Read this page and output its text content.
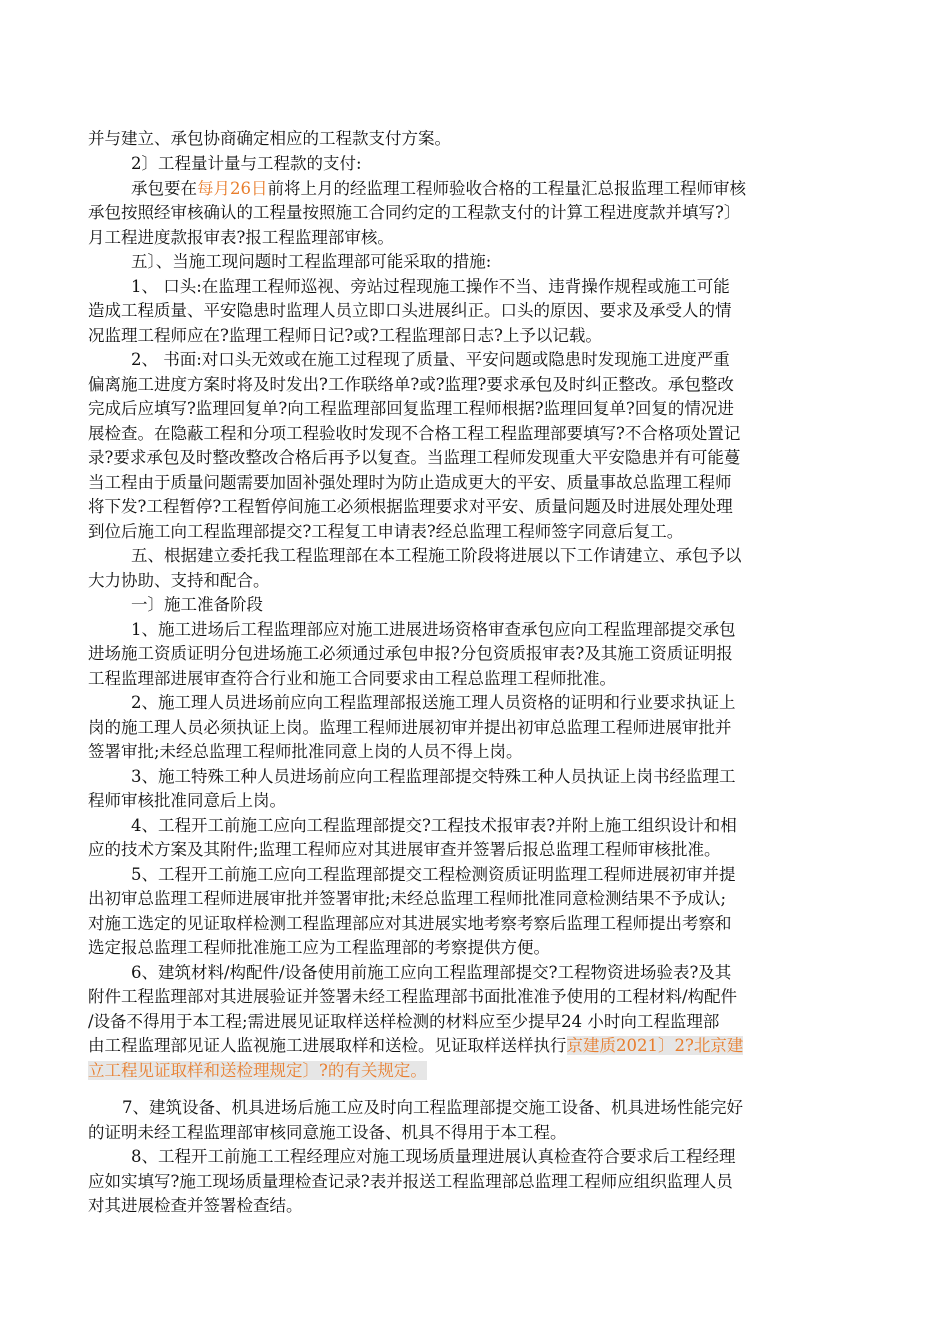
并与建立、承包协商确定相应的工程款支付方案。
2〕工程量计量与工程款的支付:
承包要在每月26日前将上月的经监理工程师验收合格的工程量汇总报监理工程师审核
承包按照经审核确认的工程量按照施工合同约定的工程款支付的计算工程进度款并填写?〕
月工程进度款报审表?报工程监理部审核。
五〕、当施工现问题时工程监理部可能采取的措施:
1、 口头:在监理工程师巡视、旁站过程现施工操作不当、违背操作规程或施工可能
造成工程质量、平安隐患时监理人员立即口头进展纠正。口头的原因、要求及承受人的情
况监理工程师应在?监理工程师日记?或?工程监理部日志?上予以记载。
2、 书面:对口头无效或在施工过程现了质量、平安问题或隐患时发现施工进度严重
偏离施工进度方案时将及时发出?工作联络单?或?监理?要求承包及时纠正整改。承包整改
完成后应填写?监理回复单?向工程监理部回复监理工程师根据?监理回复单?回复的情况进
展检查。在隐蔽工程和分项工程验收时发现不合格工程工程监理部要填写?不合格项处置记
录?要求承包及时整改整改合格后再予以复查。当监理工程师发现重大平安隐患并有可能蔓
当工程由于质量问题需要加固补强处理时为防止造成更大的平安、质量事故总监理工程师
将下发?工程暂停?工程暂停间施工必须根据监理要求对平安、质量问题及时进展处理处理
到位后施工向工程监理部提交?工程复工申请表?经总监理工程师签字同意后复工。
五、根据建立委托我工程监理部在本工程施工阶段将进展以下工作请建立、承包予以
大力协助、支持和配合。
一〕施工准备阶段
1、施工进场后工程监理部应对施工进展进场资格审查承包应向工程监理部提交承包
进场施工资质证明分包进场施工必须通过承包申报?分包资质报审表?及其施工资质证明报
工程监理部进展审查符合行业和施工合同要求由工程总监理工程师批准。
2、施工理人员进场前应向工程监理部报送施工理人员资格的证明和行业要求执证上
岗的施工理人员必须执证上岗。监理工程师进展初审并提出初审总监理工程师进展审批并
签署审批;未经总监理工程师批准同意上岗的人员不得上岗。
3、施工特殊工种人员进场前应向工程监理部提交特殊工种人员执证上岗书经监理工
程师审核批准同意后上岗。
4、工程开工前施工应向工程监理部提交?工程技术报审表?并附上施工组织设计和相
应的技术方案及其附件;监理工程师应对其进展审查并签署后报总监理工程师审核批准。
5、工程开工前施工应向工程监理部提交工程检测资质证明监理工程师进展初审并提
出初审总监理工程师进展审批并签署审批;未经总监理工程师批准同意检测结果不予成认;
对施工选定的见证取样检测工程监理部应对其进展实地考察考察后监理工程师提出考察和
选定报总监理工程师批准施工应为工程监理部的考察提供方便。
6、建筑材料/构配件/设备使用前施工应向工程监理部提交?工程物资进场验表?及其
附件工程监理部对其进展验证并签署未经工程监理部书面批准准予使用的工程材料/构配件
/设备不得用于本工程;需进展见证取样送样检测的材料应至少提早24 小时向工程监理部
由工程监理部见证人监视施工进展取样和送检。见证取样送样执行京建质2021〕2?北京建
立工程见证取样和送检理规定〕?的有关规定。
7、建筑设备、机具进场后施工应及时向工程监理部提交施工设备、机具进场性能完好
的证明未经工程监理部审核同意施工设备、机具不得用于本工程。
8、工程开工前施工工程经理应对施工现场质量理进展认真检查符合要求后工程经理
应如实填写?施工现场质量理检查记录?表并报送工程监理部总监理工程师应组织监理人员
对其进展检查并签署检查结。
